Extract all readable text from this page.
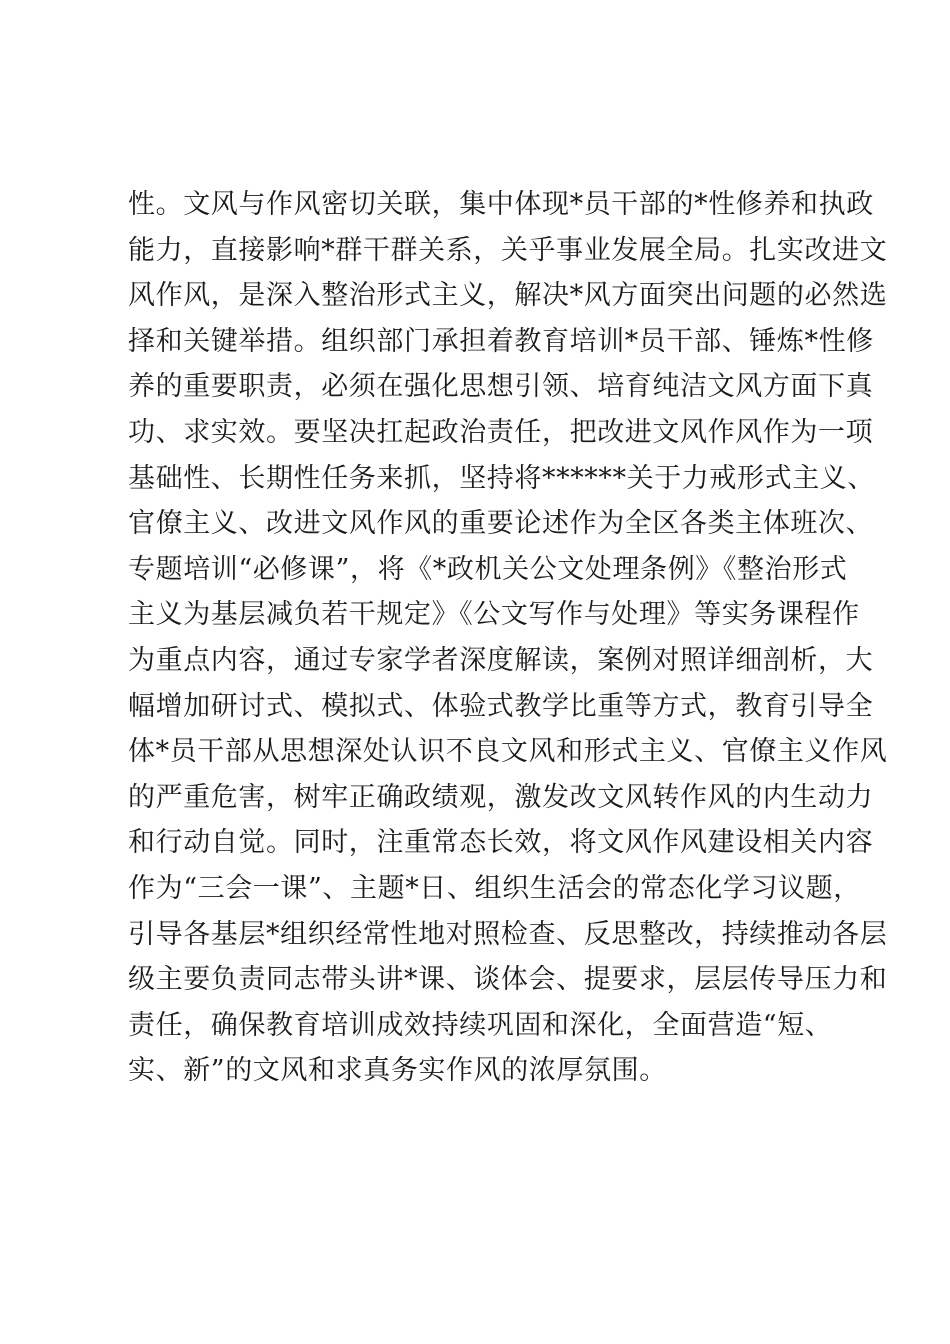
性。文风与作风密切关联，集中体现*员干部的*性修养和执政
能力，直接影响*群干群关系，关乎事业发展全局。扎实改进文
风作风，是深入整治形式主义，解决*风方面突出问题的必然选
择和关键举措。组织部门承担着教育培训*员干部、锤炼*性修
养的重要职责，必须在强化思想引领、培育纯洁文风方面下真
功、求实效。要坚决扛起政治责任，把改进文风作风作为一项
基础性、长期性任务来抓，坚持将******关于力戒形式主义、
官僚主义、改进文风作风的重要论述作为全区各类主体班次、
专题培训“必修课”，将《*政机关公文处理条例》《整治形式
主义为基层减负若干规定》《公文写作与处理》等实务课程作
为重点内容，通过专家学者深度解读，案例对照详细剖析，大
幅增加研讨式、模拟式、体验式教学比重等方式，教育引导全
体*员干部从思想深处认识不良文风和形式主义、官僚主义作风
的严重危害，树牢正确政绩观，激发改文风转作风的内生动力
和行动自觉。同时，注重常态长效，将文风作风建设相关内容
作为“三会一课”、主题*日、组织生活会的常态化学习议题，
引导各基层*组织经常性地对照检查、反思整改，持续推动各层
级主要负责同志带头讲*课、谈体会、提要求，层层传导压力和
责任，确保教育培训成效持续巩固和深化，全面营造“短、
实、新”的文风和求真务实作风的浓厚氛围。
